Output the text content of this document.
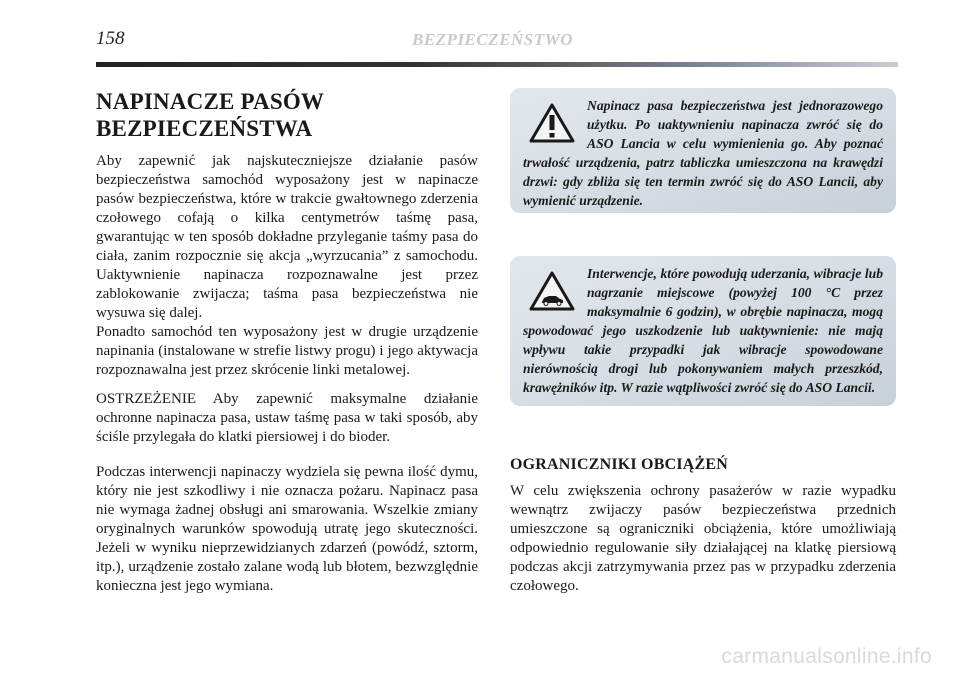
158	BEZPIECZEŃSTWO
NAPINACZE PASÓW BEZPIECZEŃSTWA

Aby zapewnić jak najskuteczniejsze działanie pasów bezpieczeństwa samochód wyposażony jest w napinacze pasów bezpieczeństwa, które w trakcie gwałtownego zderzenia czołowego cofają o kilka centymetrów taśmę pasa, gwarantując w ten sposób dokładne przyleganie taśmy pasa do ciała, zanim rozpocznie się akcja „wyrzucania” z samochodu. Uaktywnienie napinacza rozpoznawalne jest przez zablokowanie zwijacza; taśma pasa bezpieczeństwa nie wysuwa się dalej.

Ponadto samochód ten wyposażony jest w drugie urządzenie napinania (instalowane w strefie listwy progu) i jego aktywacja rozpoznawalna jest przez skrócenie linki metalowej.

OSTRZEŻENIE Aby zapewnić maksymalne działanie ochronne napinacza pasa, ustaw taśmę pasa w taki sposób, aby ściśle przylegała do klatki piersiowej i do bioder.

Podczas interwencji napinaczy wydziela się pewna ilość dymu, który nie jest szkodliwy i nie oznacza pożaru. Napinacz pasa nie wymaga żadnej obsługi ani smarowania. Wszelkie zmiany oryginalnych warunków spowodują utratę jego skuteczności. Jeżeli w wyniku nieprzewidzianych zdarzeń (powódź, sztorm, itp.), urządzenie zostało zalane wodą lub błotem, bezwzględnie konieczna jest jego wymiana.

Napinacz pasa bezpieczeństwa jest jednorazowego użytku. Po uaktywnieniu napinacza zwróć się do ASO Lancia w celu wymienienia go. Aby poznać trwałość urządzenia, patrz tabliczka umieszczona na krawędzi drzwi: gdy zbliża się ten termin zwróć się do ASO Lancii, aby wymienić urządzenie.
Interwencje, które powodują uderzania, wibracje lub nagrzanie miejscowe (powyżej 100 °C przez maksymalnie 6 godzin), w obrębie napinacza, mogą spowodować jego uszkodzenie lub uaktywnienie: nie mają wpływu takie przypadki jak wibracje spowodowane nierównością drogi lub pokonywaniem małych przeszkód, krawężników itp. W razie wątpliwości zwróć się do ASO Lancii.
OGRANICZNIKI OBCIĄŻEŃ

W celu zwiększenia ochrony pasażerów w razie wypadku wewnątrz zwijaczy pasów bezpieczeństwa przednich umieszczone są ograniczniki obciążenia, które umożliwiają odpowiednio regulowanie siły działającej na klatkę piersiową podczas akcji zatrzymywania przez pas w przypadku zderzenia czołowego.

carmanualsonline.info
